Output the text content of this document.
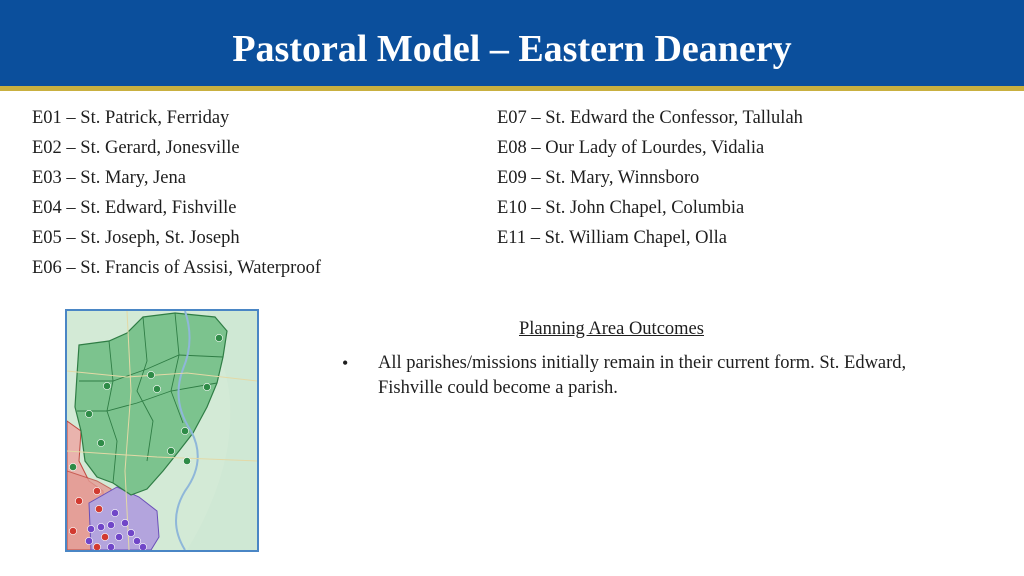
Pastoral Model – Eastern Deanery
E01 – St. Patrick, Ferriday
E02 – St. Gerard, Jonesville
E03 – St. Mary, Jena
E04 – St. Edward, Fishville
E05 – St. Joseph, St. Joseph
E06 – St. Francis of Assisi, Waterproof
E07 – St. Edward the Confessor, Tallulah
E08 – Our Lady of Lourdes, Vidalia
E09 – St. Mary, Winnsboro
E10 – St. John Chapel, Columbia
E11 – St. William Chapel, Olla
Planning Area Outcomes
• All parishes/missions initially remain in their current form. St. Edward, Fishville could become a parish.
